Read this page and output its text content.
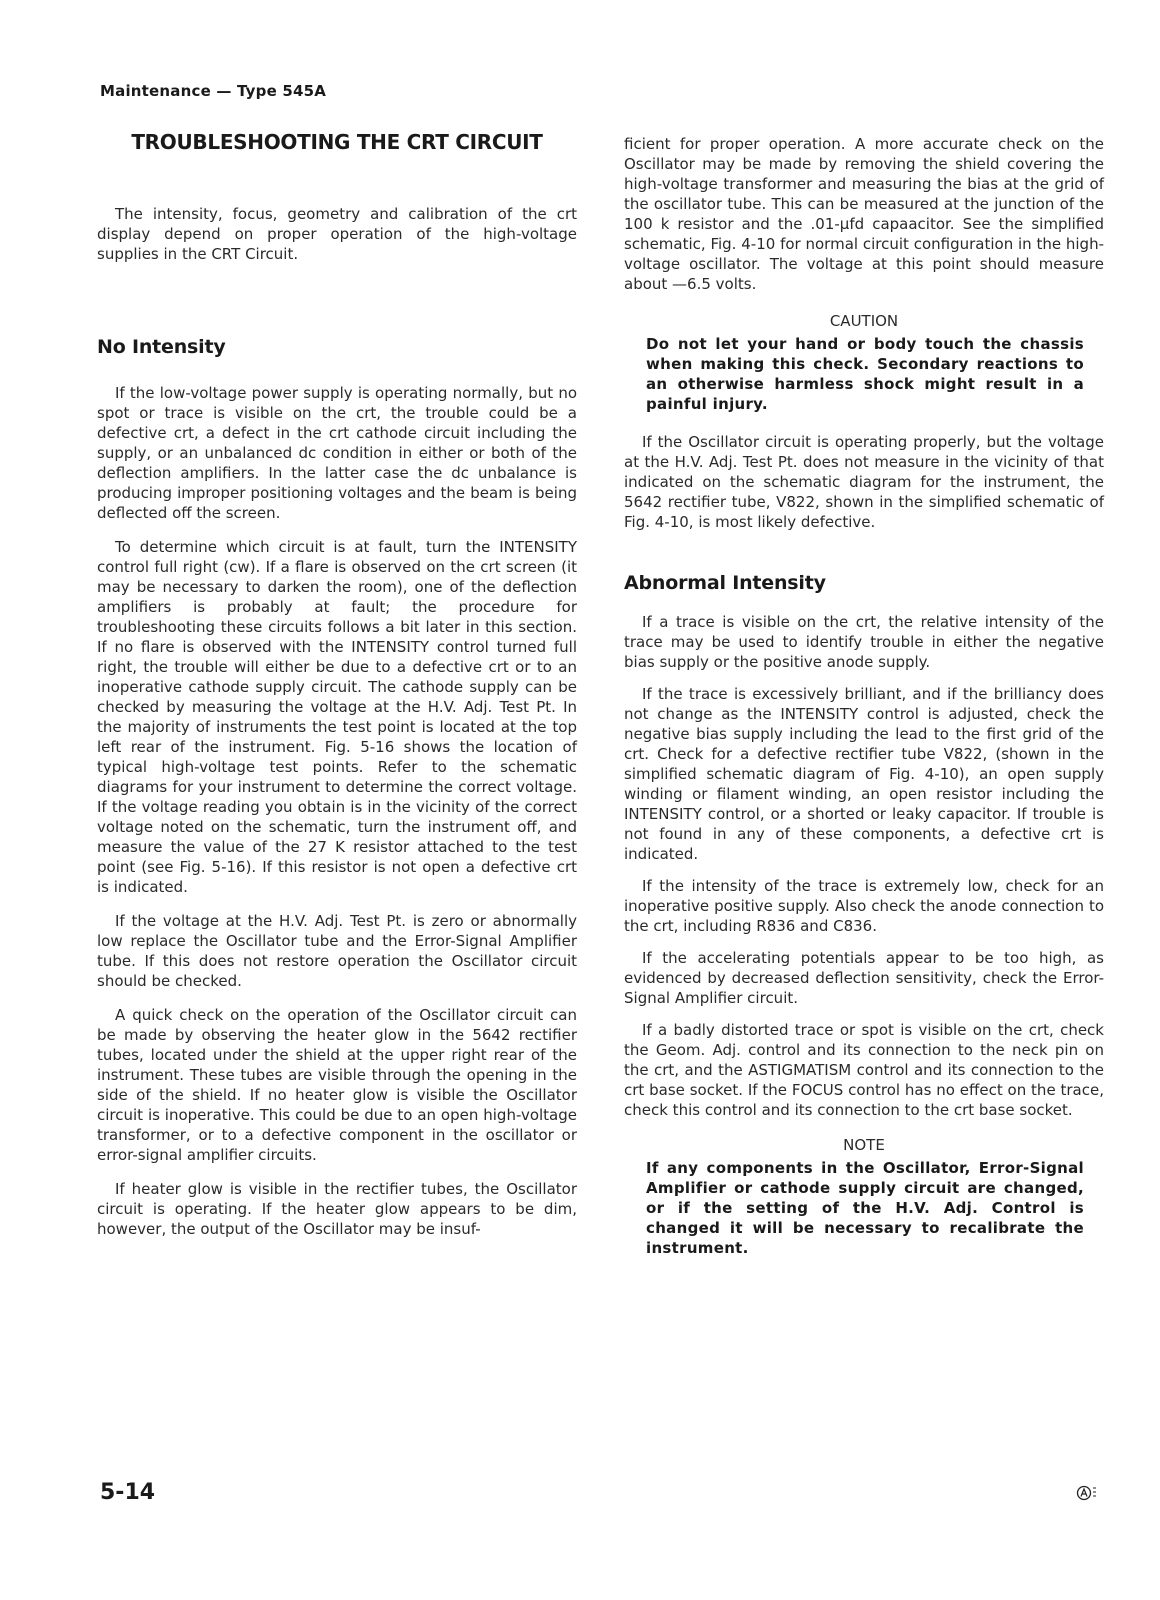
Maintenance — Type 545A
TROUBLESHOOTING THE CRT CIRCUIT

The intensity, focus, geometry and calibration of the crt display depend on proper operation of the high-voltage supplies in the CRT Circuit.

No Intensity

If the low-voltage power supply is operating normally, but no spot or trace is visible on the crt, the trouble could be a defective crt, a defect in the crt cathode circuit including the supply, or an unbalanced dc condition in either or both of the deflection amplifiers. In the latter case the dc unbalance is producing improper positioning voltages and the beam is being deflected off the screen.

To determine which circuit is at fault, turn the INTENSITY control full right (cw). If a flare is observed on the crt screen (it may be necessary to darken the room), one of the deflection amplifiers is probably at fault; the procedure for troubleshooting these circuits follows a bit later in this section. If no flare is observed with the INTENSITY control turned full right, the trouble will either be due to a defective crt or to an inoperative cathode supply circuit. The cathode supply can be checked by measuring the voltage at the H.V. Adj. Test Pt. In the majority of instruments the test point is located at the top left rear of the instrument. Fig. 5-16 shows the location of typical high-voltage test points. Refer to the schematic diagrams for your instrument to determine the correct voltage. If the voltage reading you obtain is in the vicinity of the correct voltage noted on the schematic, turn the instrument off, and measure the value of the 27 K resistor attached to the test point (see Fig. 5-16). If this resistor is not open a defective crt is indicated.

If the voltage at the H.V. Adj. Test Pt. is zero or abnormally low replace the Oscillator tube and the Error-Signal Amplifier tube. If this does not restore operation the Oscillator circuit should be checked.

A quick check on the operation of the Oscillator circuit can be made by observing the heater glow in the 5642 rectifier tubes, located under the shield at the upper right rear of the instrument. These tubes are visible through the opening in the side of the shield. If no heater glow is visible the Oscillator circuit is inoperative. This could be due to an open high-voltage transformer, or to a defective component in the oscillator or error-signal amplifier circuits.

If heater glow is visible in the rectifier tubes, the Oscillator circuit is operating. If the heater glow appears to be dim, however, the output of the Oscillator may be insuf-

ficient for proper operation. A more accurate check on the Oscillator may be made by removing the shield covering the high-voltage transformer and measuring the bias at the grid of the oscillator tube. This can be measured at the junction of the 100 k resistor and the .01-μfd capaacitor. See the simplified schematic, Fig. 4-10 for normal circuit configuration in the high-voltage oscillator. The voltage at this point should measure about —6.5 volts.

CAUTION
Do not let your hand or body touch the chassis when making this check. Secondary reactions to an otherwise harmless shock might result in a painful injury.

If the Oscillator circuit is operating properly, but the voltage at the H.V. Adj. Test Pt. does not measure in the vicinity of that indicated on the schematic diagram for the instrument, the 5642 rectifier tube, V822, shown in the simplified schematic of Fig. 4-10, is most likely defective.

Abnormal Intensity

If a trace is visible on the crt, the relative intensity of the trace may be used to identify trouble in either the negative bias supply or the positive anode supply.

If the trace is excessively brilliant, and if the brilliancy does not change as the INTENSITY control is adjusted, check the negative bias supply including the lead to the first grid of the crt. Check for a defective rectifier tube V822, (shown in the simplified schematic diagram of Fig. 4-10), an open supply winding or filament winding, an open resistor including the INTENSITY control, or a shorted or leaky capacitor. If trouble is not found in any of these components, a defective crt is indicated.

If the intensity of the trace is extremely low, check for an inoperative positive supply. Also check the anode connection to the crt, including R836 and C836.

If the accelerating potentials appear to be too high, as evidenced by decreased deflection sensitivity, check the Error-Signal Amplifier circuit.

If a badly distorted trace or spot is visible on the crt, check the Geom. Adj. control and its connection to the neck pin on the crt, and the ASTIGMATISM control and its connection to the crt base socket. If the FOCUS control has no effect on the trace, check this control and its connection to the crt base socket.

NOTE
If any components in the Oscillator, Error-Signal Amplifier or cathode supply circuit are changed, or if the setting of the H.V. Adj. Control is changed it will be necessary to recalibrate the instrument.
5-14
